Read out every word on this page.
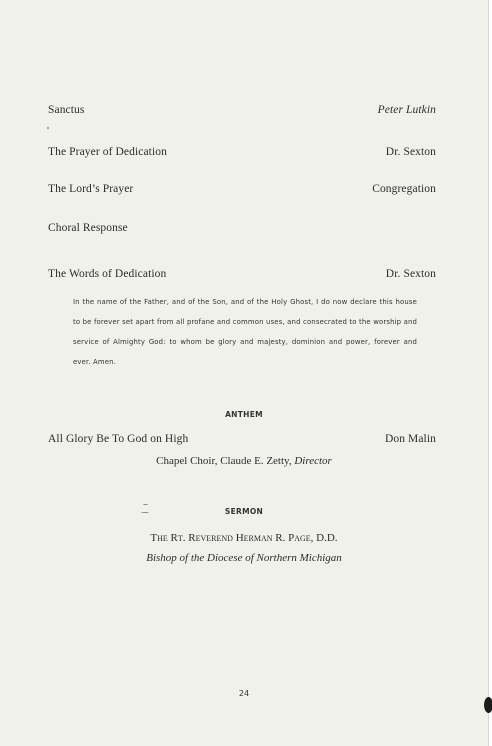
Sanctus	Peter Lutkin
The Prayer of Dedication	Dr. Sexton
The Lord’s Prayer	Congregation
Choral Response
The Words of Dedication	Dr. Sexton
In the name of the Father, and of the Son, and of the Holy Ghost, I do now declare this house to be forever set apart from all profane and common uses, and consecrated to the worship and service of Almighty God: to whom be glory and majesty, dominion and power, forever and ever. Amen.
ANTHEM
All Glory Be To God on High	Don Malin
Chapel Choir, Claude E. Zetty, Director
SERMON
The Rt. Reverend Herman R. Page, D.D.
Bishop of the Diocese of Northern Michigan
24
